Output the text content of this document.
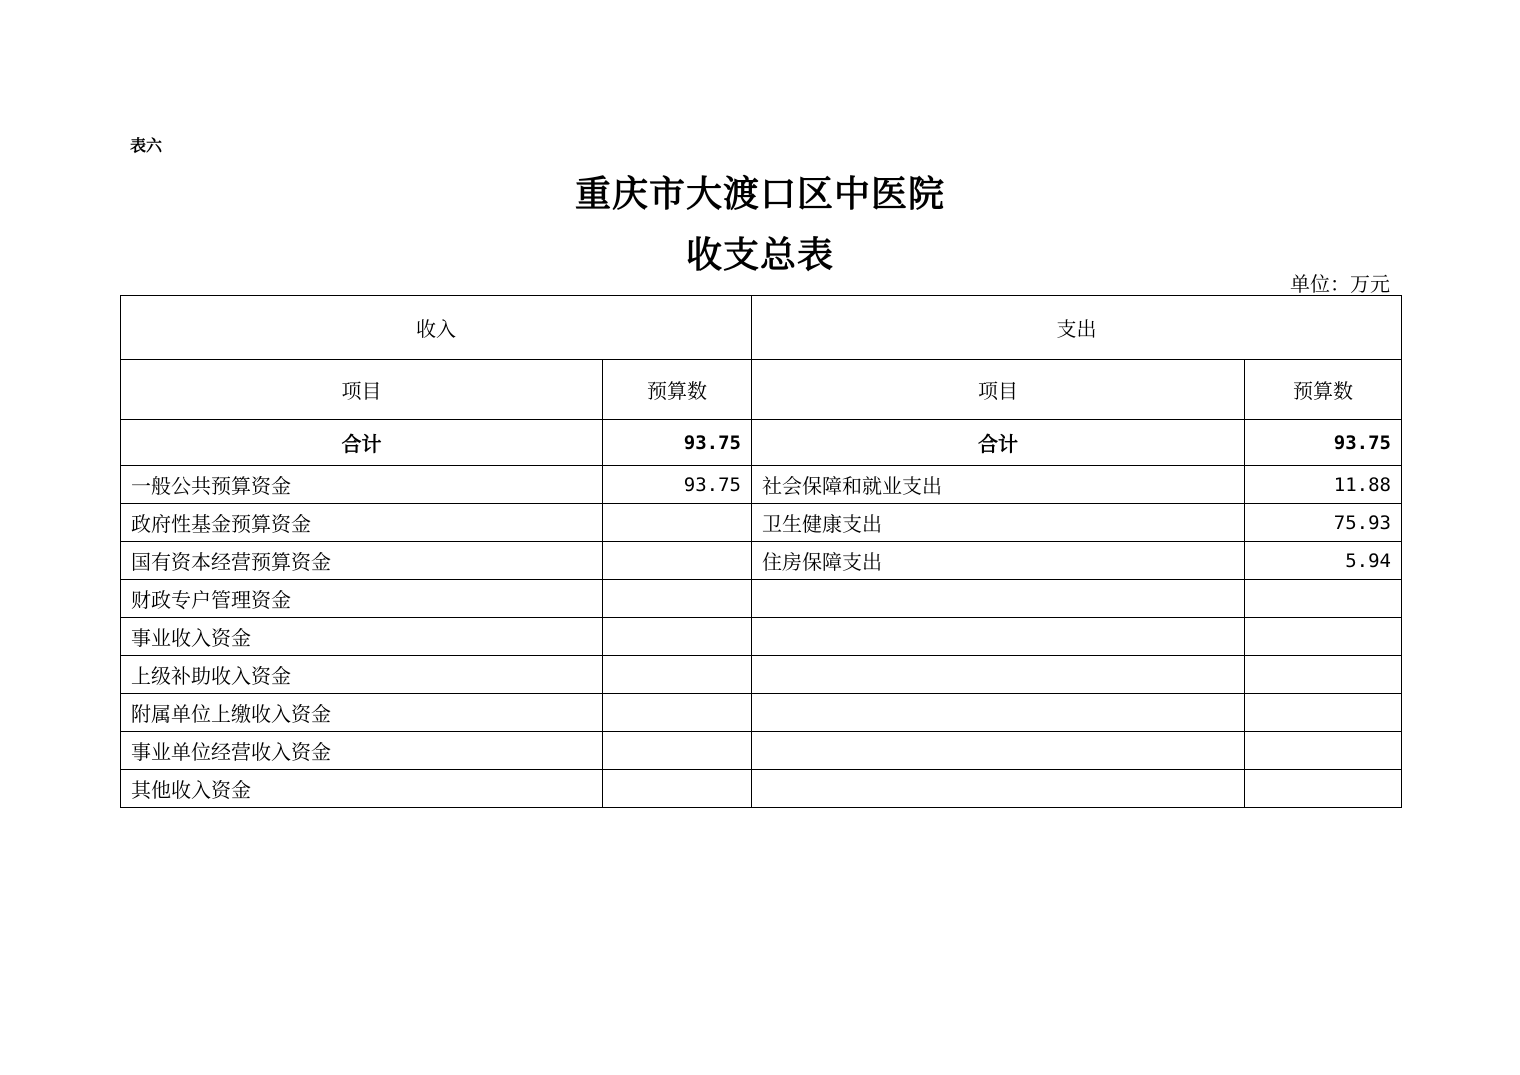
表六
重庆市大渡口区中医院
收支总表
单位：万元
收入		支出	
项目	预算数	项目	预算数
合计	93.75	合计	93.75
一般公共预算资金	93.75	社会保障和就业支出	11.88
政府性基金预算资金		卫生健康支出	75.93
国有资本经营预算资金		住房保障支出	5.94
财政专户管理资金			
事业收入资金			
上级补助收入资金			
附属单位上缴收入资金			
事业单位经营收入资金			
其他收入资金			
